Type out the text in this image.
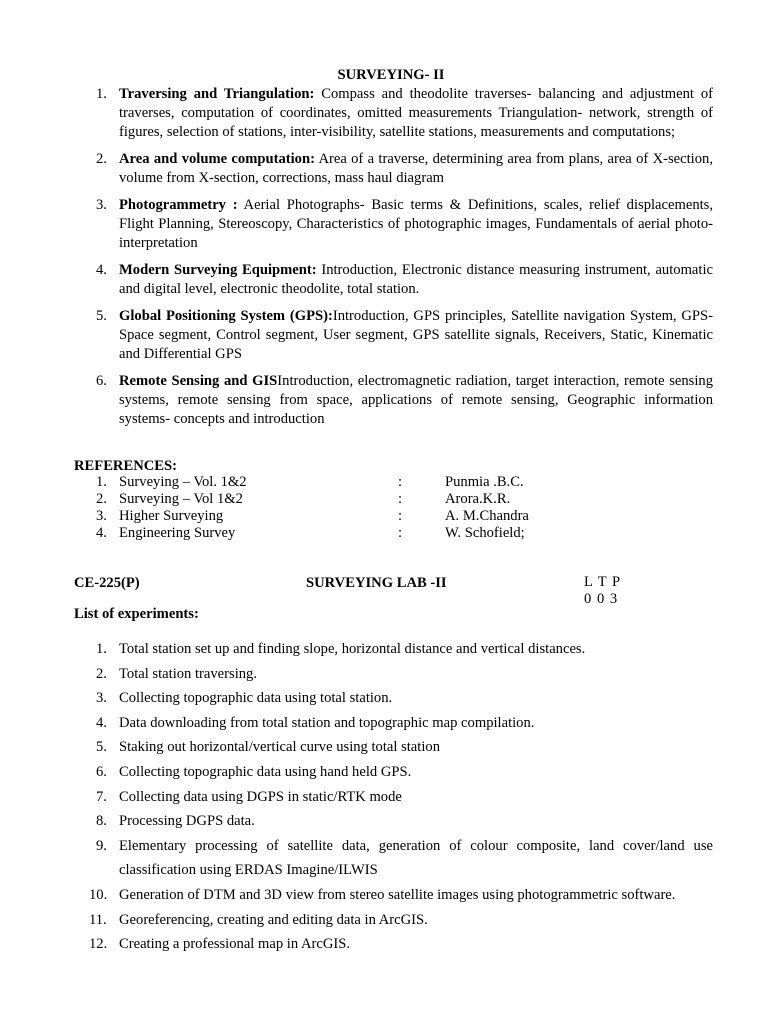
SURVEYING- II
1. Traversing and Triangulation: Compass and theodolite traverses- balancing and adjustment of traverses, computation of coordinates, omitted measurements Triangulation- network, strength of figures, selection of stations, inter-visibility, satellite stations, measurements and computations;
2. Area and volume computation: Area of a traverse, determining area from plans, area of X-section, volume from X-section, corrections, mass haul diagram
3. Photogrammetry : Aerial Photographs- Basic terms & Definitions, scales, relief displacements, Flight Planning, Stereoscopy, Characteristics of photographic images, Fundamentals of aerial photo-interpretation
4. Modern Surveying Equipment: Introduction, Electronic distance measuring instrument, automatic and digital level, electronic theodolite, total station.
5. Global Positioning System (GPS):Introduction, GPS principles, Satellite navigation System, GPS- Space segment, Control segment, User segment, GPS satellite signals, Receivers, Static, Kinematic and Differential GPS
6. Remote Sensing and GISIntroduction, electromagnetic radiation, target interaction, remote sensing systems, remote sensing from space, applications of remote sensing, Geographic information systems- concepts and introduction
REFERENCES:
1. Surveying – Vol. 1&2	:	Punmia .B.C.
2. Surveying – Vol 1&2	:	Arora.K.R.
3. Higher Surveying	:	A. M.Chandra
4. Engineering Survey	:	W. Schofield;
CE-225(P)	SURVEYING LAB -II	L T P
0 0 3
List of experiments:
1. Total station set up and finding slope, horizontal distance and vertical distances.
2. Total station traversing.
3. Collecting topographic data using total station.
4. Data downloading from total station and topographic map compilation.
5. Staking out horizontal/vertical curve using total station
6. Collecting topographic data using hand held GPS.
7. Collecting data using DGPS in static/RTK mode
8. Processing DGPS data.
9. Elementary processing of satellite data, generation of colour composite, land cover/land use classification using ERDAS Imagine/ILWIS
10. Generation of DTM and 3D view from stereo satellite images using photogrammetric software.
11. Georeferencing, creating and editing data in ArcGIS.
12. Creating a professional map in ArcGIS.
